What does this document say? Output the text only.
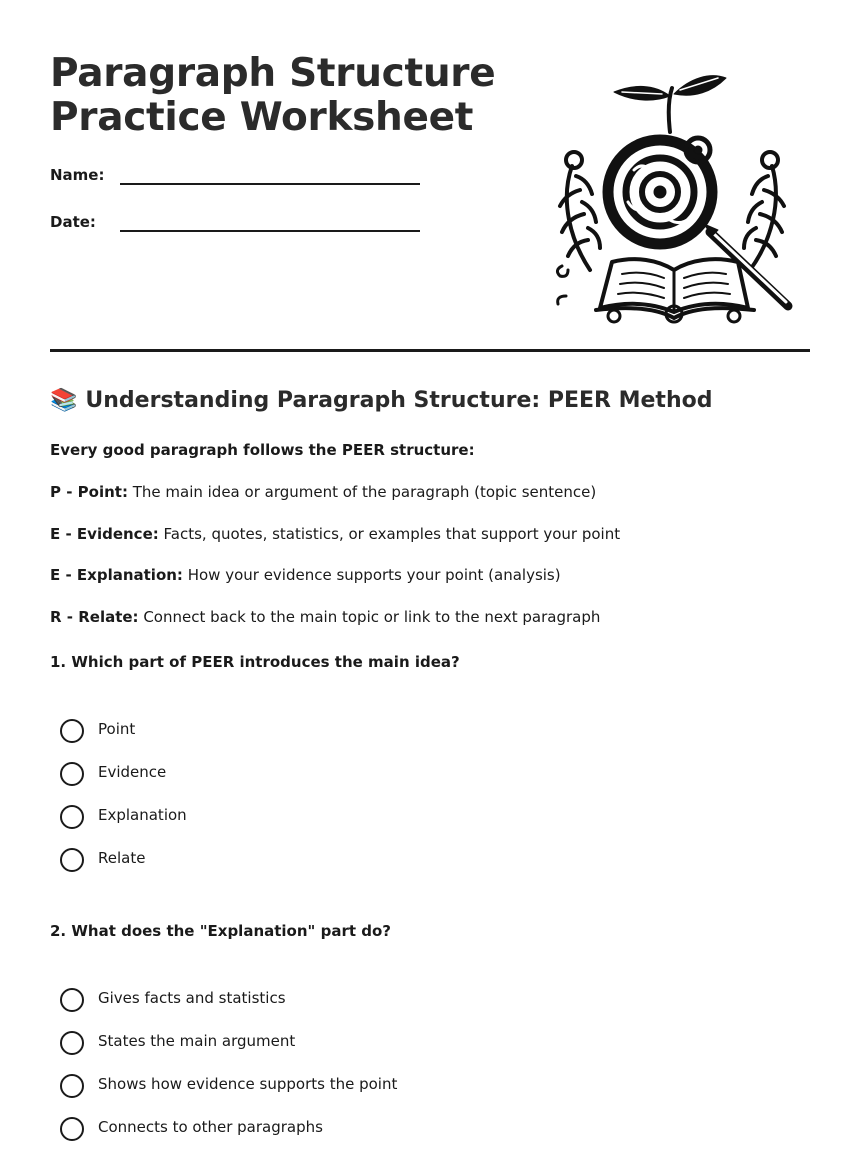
Paragraph Structure
Practice Worksheet
Name:
Date:
📚 Understanding Paragraph Structure: PEER Method
Every good paragraph follows the PEER structure:
P - Point: The main idea or argument of the paragraph (topic sentence)
E - Evidence: Facts, quotes, statistics, or examples that support your point
E - Explanation: How your evidence supports your point (analysis)
R - Relate: Connect back to the main topic or link to the next paragraph
1. Which part of PEER introduces the main idea?
Point
Evidence
Explanation
Relate
2. What does the "Explanation" part do?
Gives facts and statistics
States the main argument
Shows how evidence supports the point
Connects to other paragraphs
